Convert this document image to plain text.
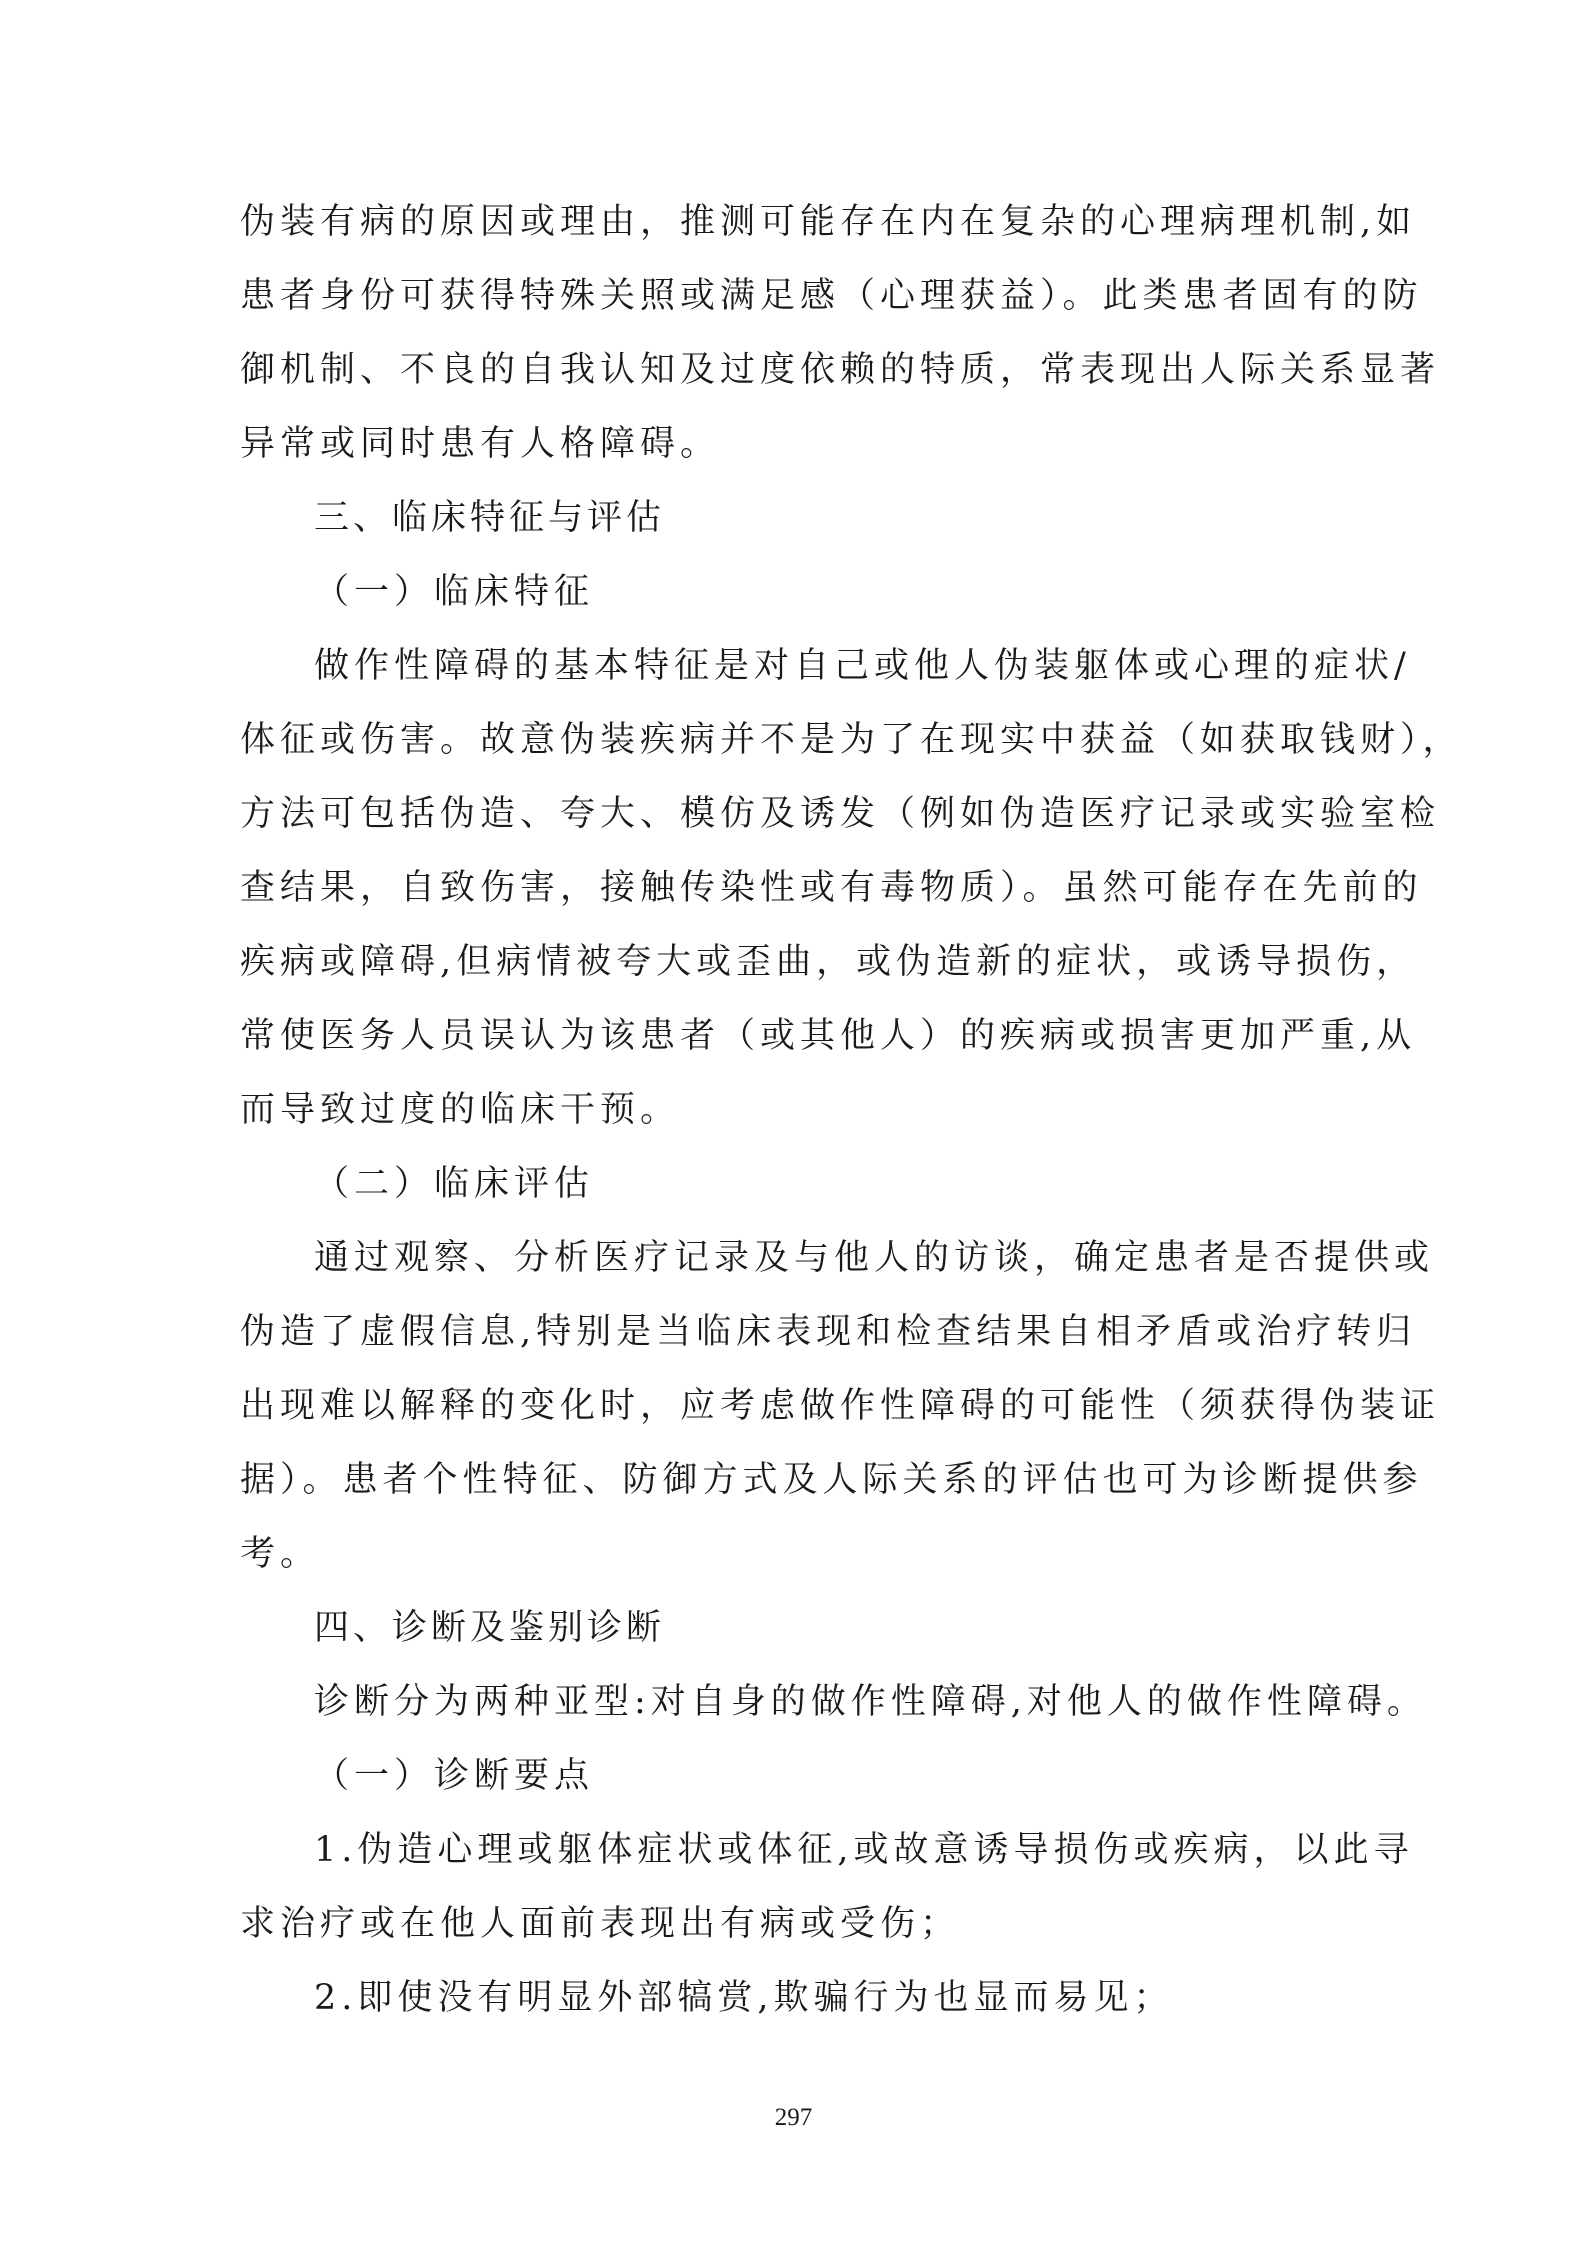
伪装有病的原因或理由，推测可能存在内在复杂的心理病理机制,如
患者身份可获得特殊关照或满足感（心理获益）。此类患者固有的防
御机制、不良的自我认知及过度依赖的特质，常表现出人际关系显著
异常或同时患有人格障碍。
三、临床特征与评估
（一）临床特征
做作性障碍的基本特征是对自己或他人伪装躯体或心理的症状/
体征或伤害。故意伪装疾病并不是为了在现实中获益（如获取钱财），
方法可包括伪造、夸大、模仿及诱发（例如伪造医疗记录或实验室检
查结果，自致伤害，接触传染性或有毒物质）。虽然可能存在先前的
疾病或障碍,但病情被夸大或歪曲，或伪造新的症状，或诱导损伤，
常使医务人员误认为该患者（或其他人）的疾病或损害更加严重,从
而导致过度的临床干预。
（二）临床评估
通过观察、分析医疗记录及与他人的访谈，确定患者是否提供或
伪造了虚假信息,特别是当临床表现和检查结果自相矛盾或治疗转归
出现难以解释的变化时，应考虑做作性障碍的可能性（须获得伪装证
据）。患者个性特征、防御方式及人际关系的评估也可为诊断提供参
考。
四、诊断及鉴别诊断
诊断分为两种亚型:对自身的做作性障碍,对他人的做作性障碍。
（一）诊断要点
1.伪造心理或躯体症状或体征,或故意诱导损伤或疾病，以此寻
求治疗或在他人面前表现出有病或受伤；
2.即使没有明显外部犒赏,欺骗行为也显而易见；
297
